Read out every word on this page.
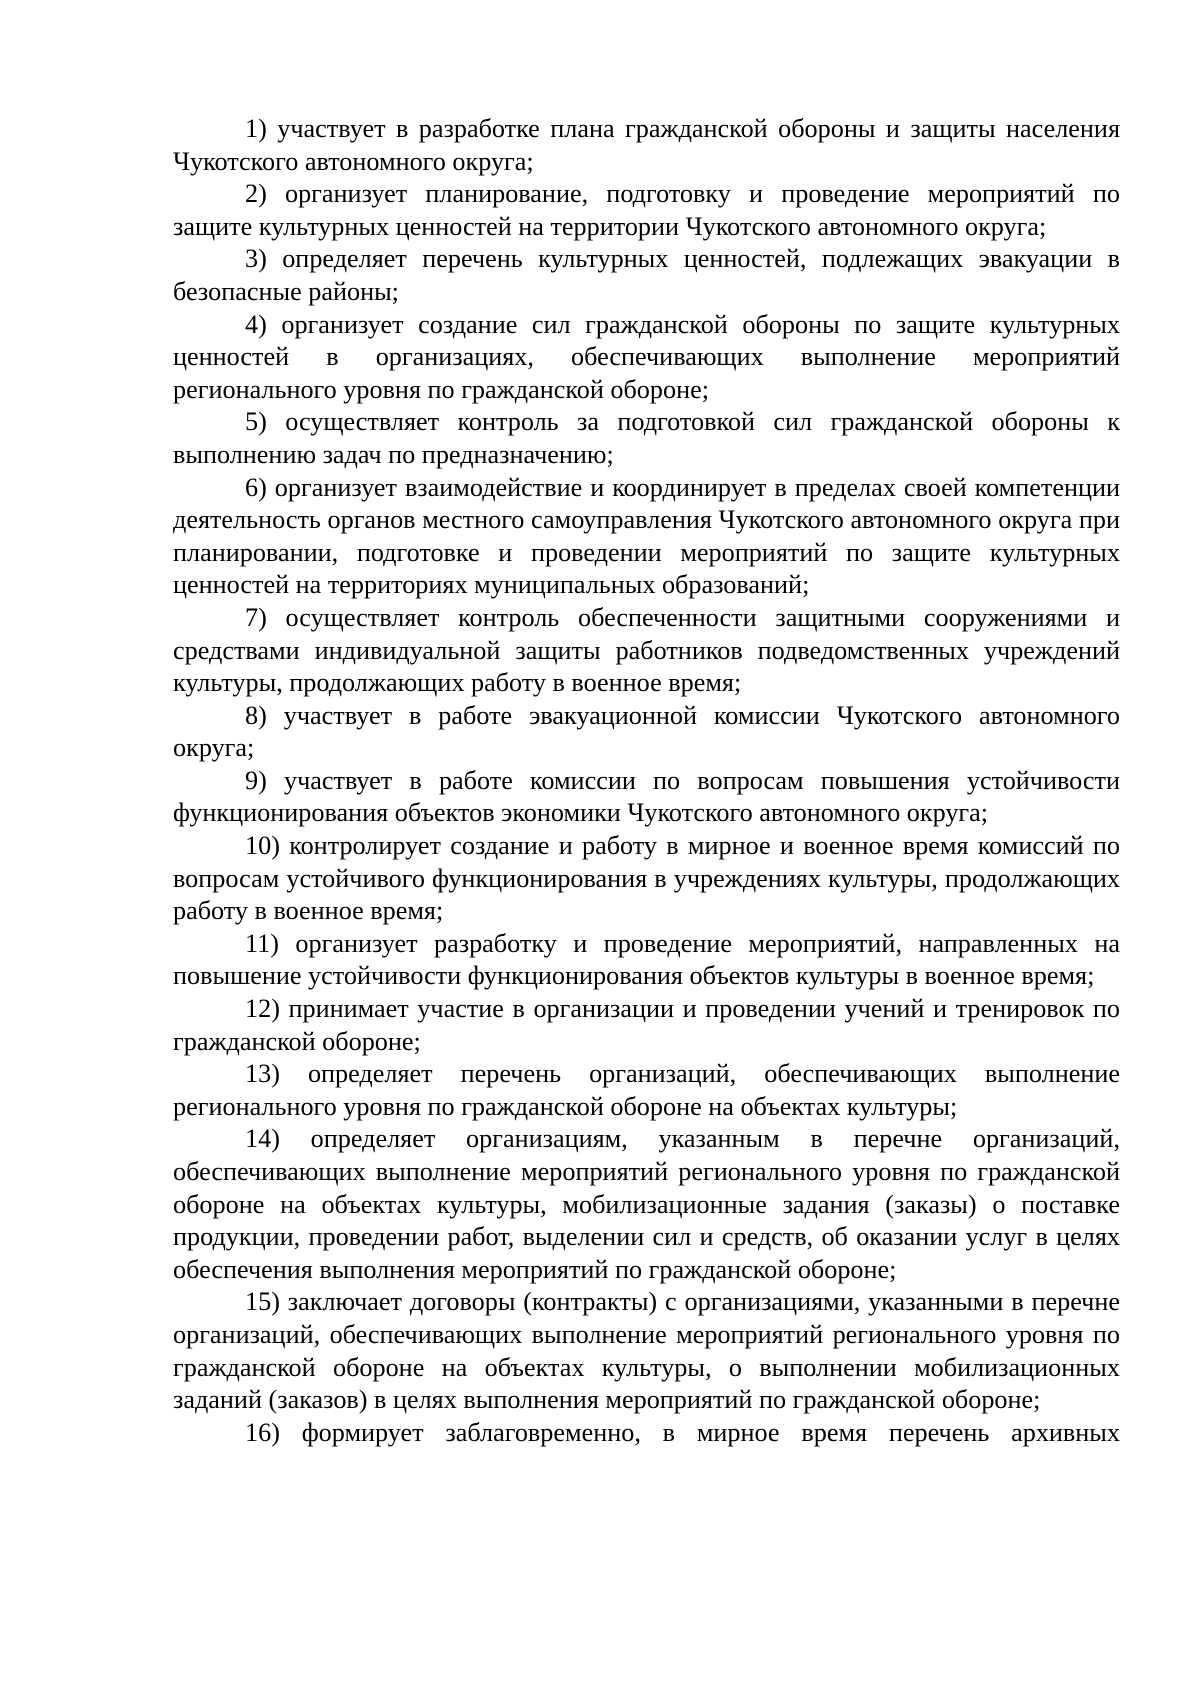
1) участвует в разработке плана гражданской обороны и защиты населения Чукотского автономного округа;

2) организует планирование, подготовку и проведение мероприятий по защите культурных ценностей на территории Чукотского автономного округа;

3) определяет перечень культурных ценностей, подлежащих эвакуации в безопасные районы;

4) организует создание сил гражданской обороны по защите культурных ценностей в организациях, обеспечивающих выполнение мероприятий регионального уровня по гражданской обороне;

5) осуществляет контроль за подготовкой сил гражданской обороны к выполнению задач по предназначению;

6) организует взаимодействие и координирует в пределах своей компетенции деятельность органов местного самоуправления Чукотского автономного округа при планировании, подготовке и проведении мероприятий по защите культурных ценностей на территориях муниципальных образований;

7) осуществляет контроль обеспеченности защитными сооружениями и средствами индивидуальной защиты работников подведомственных учреждений культуры, продолжающих работу в военное время;

8) участвует в работе эвакуационной комиссии Чукотского автономного округа;

9) участвует в работе комиссии по вопросам повышения устойчивости функционирования объектов экономики Чукотского автономного округа;

10) контролирует создание и работу в мирное и военное время комиссий по вопросам устойчивого функционирования в учреждениях культуры, продолжающих работу в военное время;

11) организует разработку и проведение мероприятий, направленных на повышение устойчивости функционирования объектов культуры в военное время;

12) принимает участие в организации и проведении учений и тренировок по гражданской обороне;

13) определяет перечень организаций, обеспечивающих выполнение регионального уровня по гражданской обороне на объектах культуры;

14) определяет организациям, указанным в перечне организаций, обеспечивающих выполнение мероприятий регионального уровня по гражданской обороне на объектах культуры, мобилизационные задания (заказы) о поставке продукции, проведении работ, выделении сил и средств, об оказании услуг в целях обеспечения выполнения мероприятий по гражданской обороне;

15) заключает договоры (контракты) с организациями, указанными в перечне организаций, обеспечивающих выполнение мероприятий регионального уровня по гражданской обороне на объектах культуры, о выполнении мобилизационных заданий (заказов) в целях выполнения мероприятий по гражданской обороне;

16) формирует заблаговременно, в мирное время перечень архивных
